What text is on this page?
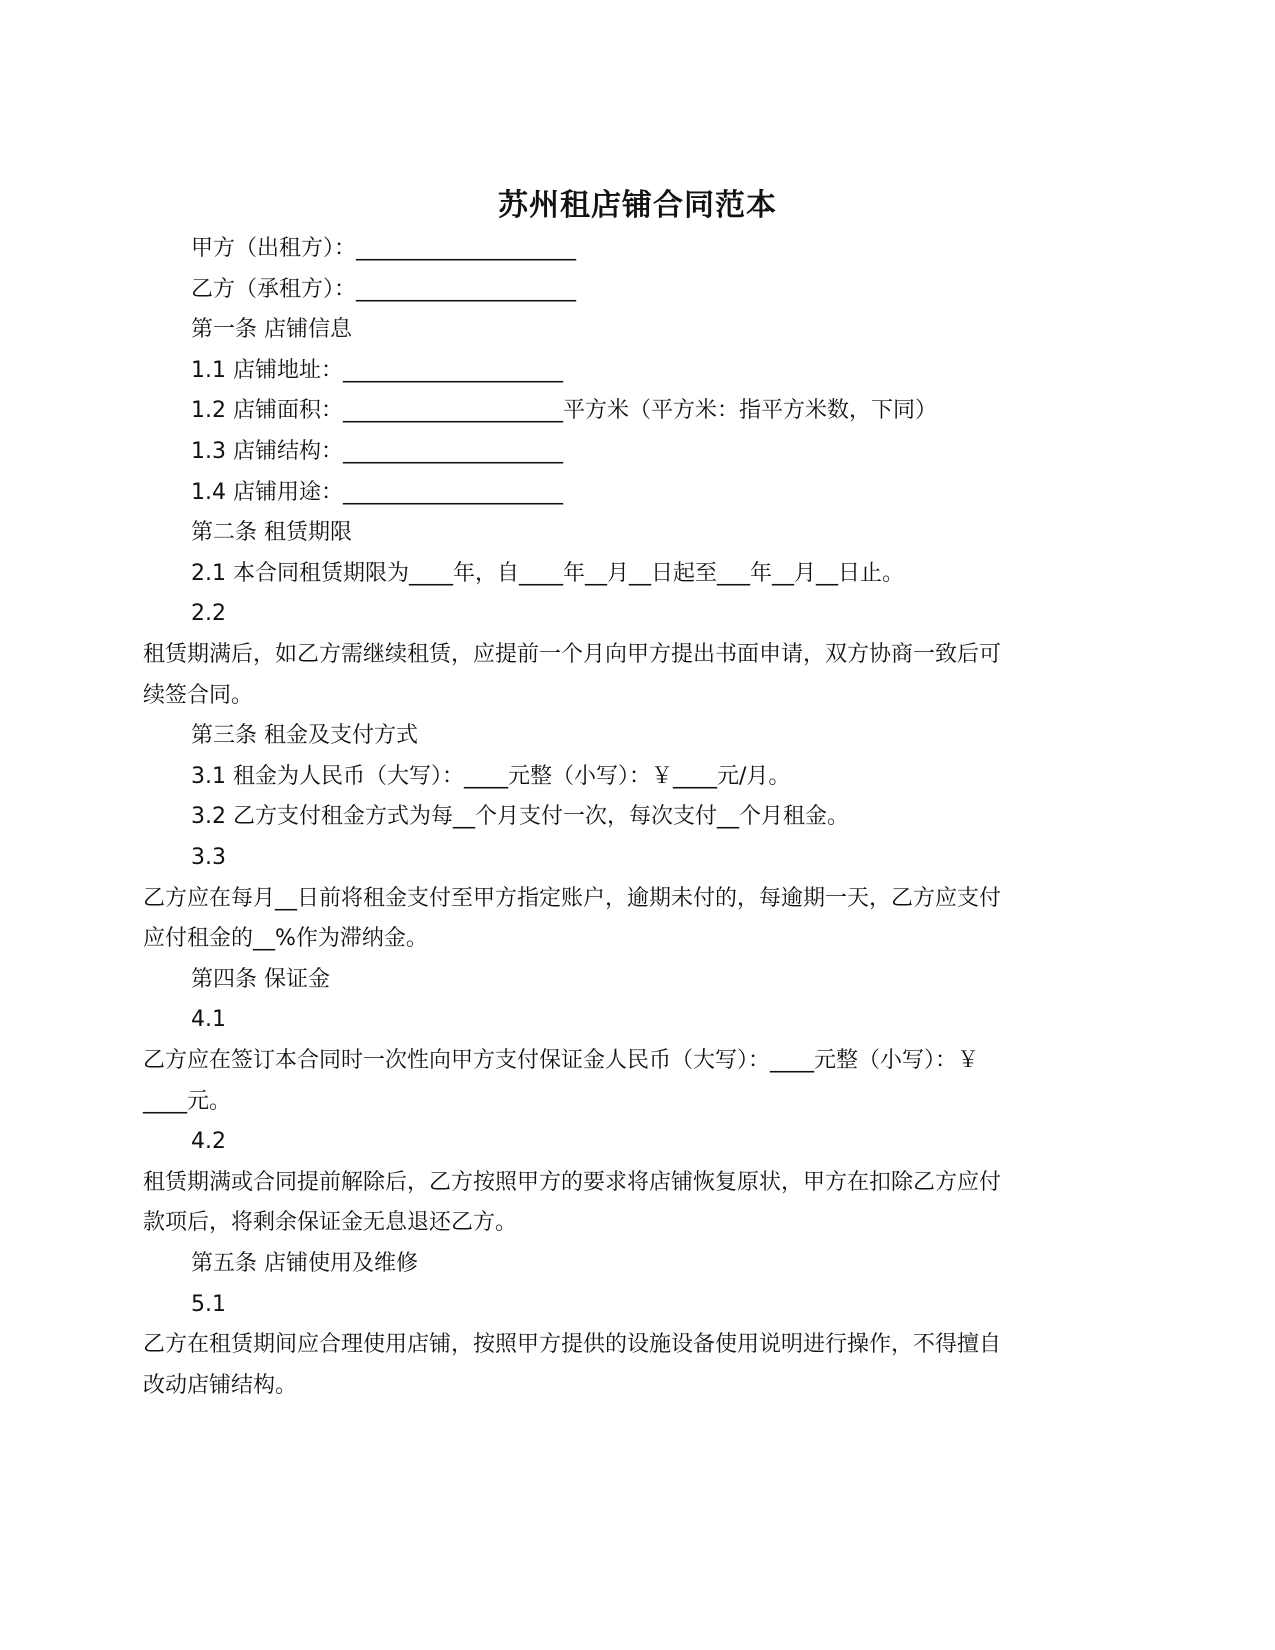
苏州租店铺合同范本
甲方（出租方）：____________________
乙方（承租方）：____________________
第一条 店铺信息
1.1 店铺地址：____________________
1.2 店铺面积：____________________平方米（平方米：指平方米数，下同）
1.3 店铺结构：____________________
1.4 店铺用途：____________________
第二条 租赁期限
2.1 本合同租赁期限为____年，自____年__月__日起至___年__月__日止。
2.2
租赁期满后，如乙方需继续租赁，应提前一个月向甲方提出书面申请，双方协商一致后可
续签合同。
第三条 租金及支付方式
3.1 租金为人民币（大写）：____元整（小写）：￥____元/月。
3.2 乙方支付租金方式为每__个月支付一次，每次支付__个月租金。
3.3
乙方应在每月__日前将租金支付至甲方指定账户，逾期未付的，每逾期一天，乙方应支付
应付租金的__%作为滞纳金。
第四条 保证金
4.1
乙方应在签订本合同时一次性向甲方支付保证金人民币（大写）：____元整（小写）：￥
____元。
4.2
租赁期满或合同提前解除后，乙方按照甲方的要求将店铺恢复原状，甲方在扣除乙方应付
款项后，将剩余保证金无息退还乙方。
第五条 店铺使用及维修
5.1
乙方在租赁期间应合理使用店铺，按照甲方提供的设施设备使用说明进行操作，不得擅自
改动店铺结构。
